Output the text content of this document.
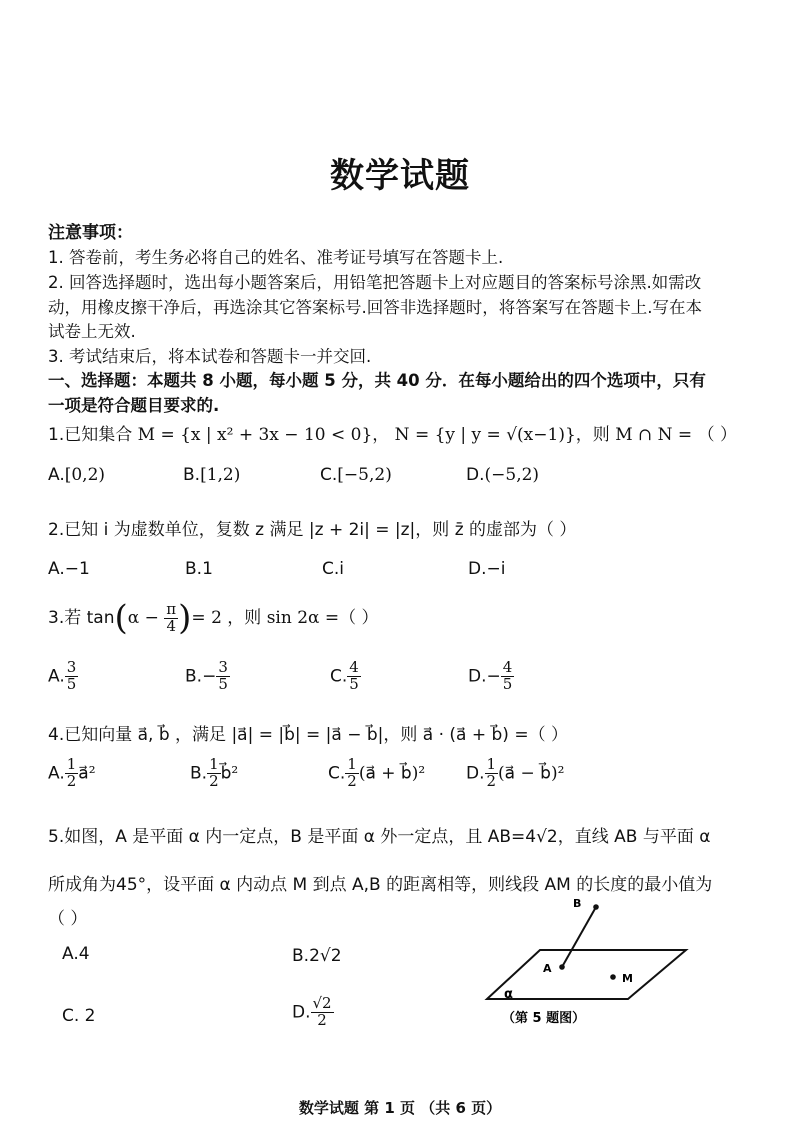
数学试题
注意事项：
1. 答卷前，考生务必将自己的姓名、准考证号填写在答题卡上.
2. 回答选择题时，选出每小题答案后，用铅笔把答题卡上对应题目的答案标号涂黑.如需改
动，用橡皮擦干净后，再选涂其它答案标号.回答非选择题时，将答案写在答题卡上.写在本
试卷上无效.
3. 考试结束后，将本试卷和答题卡一并交回.
一、选择题：本题共 8 小题，每小题 5 分，共 40 分．在每小题给出的四个选项中，只有
一项是符合题目要求的.
1.已知集合 M = {x | x² + 3x − 10 < 0}， N = {y | y = √(x−1)}，则 M ∩ N = （ ）
A.[0,2)	B.[1,2)	C.[−5,2)	D.(−5,2)
2.已知 i 为虚数单位，复数 z 满足 |z + 2i| = |z|，则 z̄ 的虚部为（ ）
A.−1	B.1	C.i	D.−i
3.若 $\tan(\alpha - \frac{\pi}{4}$ )= 2 ，则 sin 2α =（ ）
A. $\frac{3}{5}$	$B.- \frac{3}{5}$	C. $\frac{4}{5}$	$D.- \frac{4}{5}$
4.已知向量 a⃗, b⃗ ，满足 |a⃗| = |b⃗| = |a⃗ − b⃗|，则 a⃗ · (a⃗ + b⃗) =（ ）
A. $\frac{1}{2}$ a⃗²	B. $\frac{1}{2}$ b⃗²	C. $\frac{1}{2}$ (a⃗ + b⃗)² D. $\frac{1}{2}$ (a⃗ − b⃗)²
5.如图，A 是平面 α 内一定点，B 是平面 α 外一定点，且 AB=4√2，直线 AB 与平面 α
所成角为45°，设平面 α 内动点 M 到点 A,B 的距离相等，则线段 AM 的长度的最小值为
（ ）
A.4	B.2√2
C. 2	D. $\frac{√2}{2}$
B
A
M
α
（第 5 题图）
数学试题 第 1 页 （共 6 页）
